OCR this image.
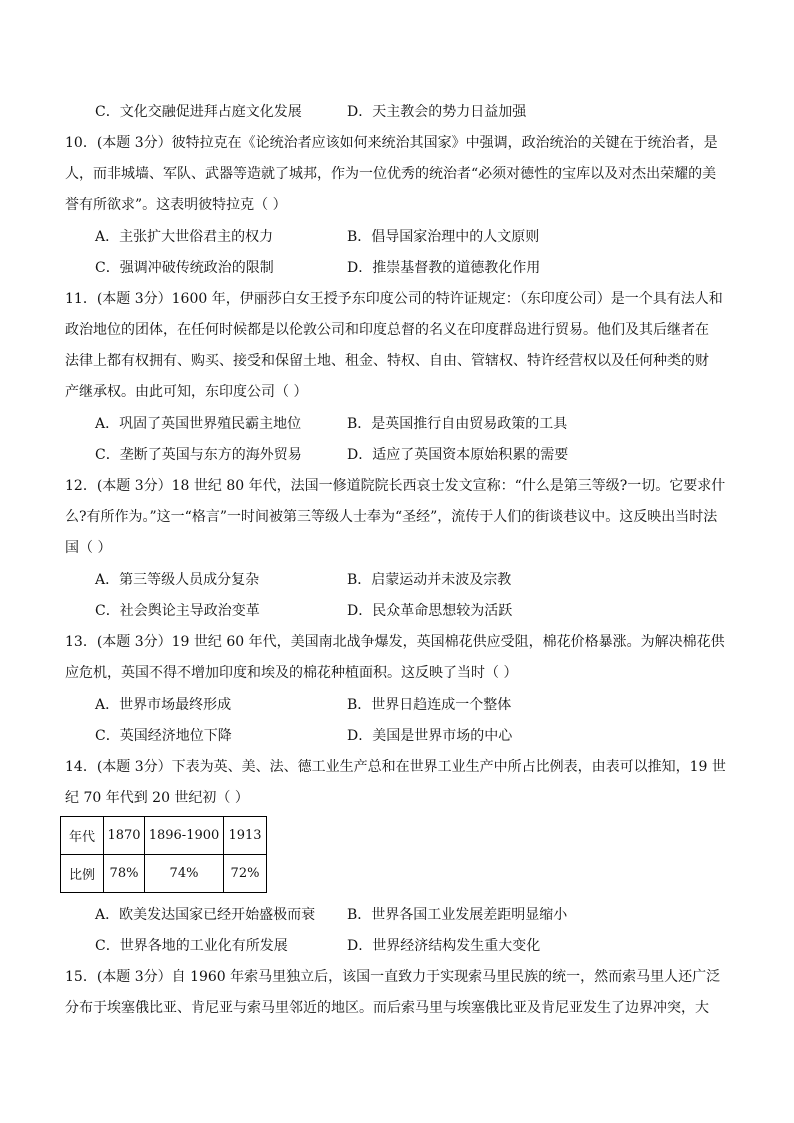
C．文化交融促进拜占庭文化发展	D．天主教会的势力日益加强
10．(本题 3分）彼特拉克在《论统治者应该如何来统治其国家》中强调，政治统治的关键在于统治者，是
人，而非城墙、军队、武器等造就了城邦，作为一位优秀的统治者“必须对德性的宝库以及对杰出荣耀的美
誉有所欲求”。这表明彼特拉克（ ）
A．主张扩大世俗君主的权力	B．倡导国家治理中的人文原则
C．强调冲破传统政治的限制	D．推崇基督教的道德教化作用
11．(本题 3分）1600 年，伊丽莎白女王授予东印度公司的特许证规定：（东印度公司）是一个具有法人和
政治地位的团体，在任何时候都是以伦敦公司和印度总督的名义在印度群岛进行贸易。他们及其后继者在
法律上都有权拥有、购买、接受和保留土地、租金、特权、自由、管辖权、特许经营权以及任何种类的财
产继承权。由此可知，东印度公司（ ）
A．巩固了英国世界殖民霸主地位	B．是英国推行自由贸易政策的工具
C．垄断了英国与东方的海外贸易	D．适应了英国资本原始积累的需要
12．(本题 3分）18 世纪 80 年代，法国一修道院院长西哀士发文宣称：“什么是第三等级?一切。它要求什
么?有所作为。”这一“格言”一时间被第三等级人士奉为“圣经”，流传于人们的街谈巷议中。这反映出当时法
国（ ）
A．第三等级人员成分复杂	B．启蒙运动并未波及宗教
C．社会舆论主导政治变革	D．民众革命思想较为活跃
13．(本题 3分）19 世纪 60 年代，美国南北战争爆发，英国棉花供应受阻，棉花价格暴涨。为解决棉花供
应危机，英国不得不增加印度和埃及的棉花种植面积。这反映了当时（ ）
A．世界市场最终形成	B．世界日趋连成一个整体
C．英国经济地位下降	D．美国是世界市场的中心
14．(本题 3分）下表为英、美、法、德工业生产总和在世界工业生产中所占比例表，由表可以推知，19 世
纪 70 年代到 20 世纪初（ ）
年代	1870	1896-1900	1913
比例	78%	74%	72%
A．欧美发达国家已经开始盛极而衰 B．世界各国工业发展差距明显缩小
C．世界各地的工业化有所发展	D．世界经济结构发生重大变化
15．(本题 3分）自 1960 年索马里独立后，该国一直致力于实现索马里民族的统一，然而索马里人还广泛
分布于埃塞俄比亚、肯尼亚与索马里邻近的地区。而后索马里与埃塞俄比亚及肯尼亚发生了边界冲突，大
